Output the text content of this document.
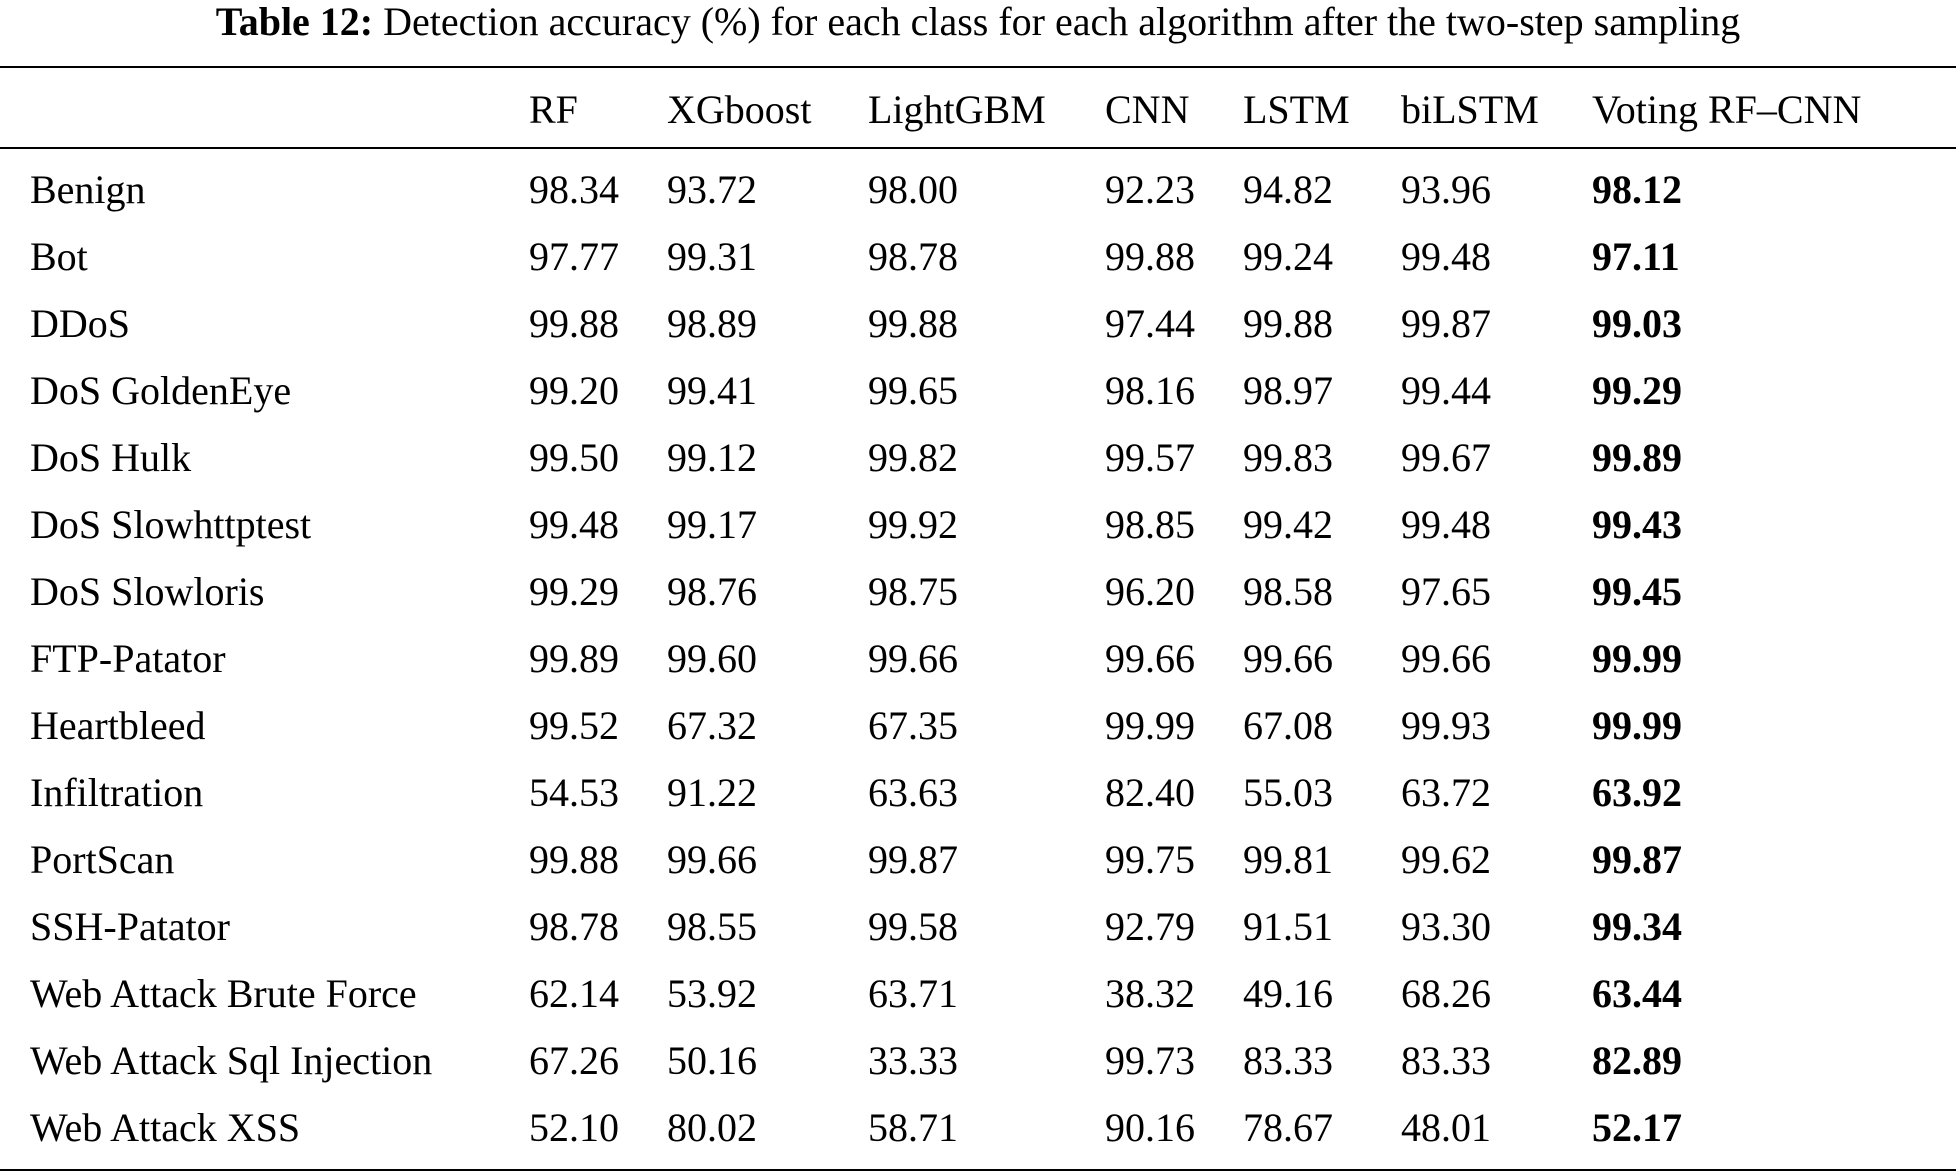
Table 12: Detection accuracy (%) for each class for each algorithm after the two-step sampling
RF XGboost LightGBM CNN LSTM biLSTM Voting RF–CNN
Benign	98.34 93.72	98.00	92.23 94.82 93.96	98.12
Bot	97.77 99.31	98.78	99.88 99.24 99.48	97.11
DDoS	99.88 98.89	99.88	97.44 99.88 99.87	99.03
DoS GoldenEye	99.20 99.41	99.65	98.16 98.97 99.44	99.29
DoS Hulk	99.50 99.12	99.82	99.57 99.83 99.67	99.89
DoS Slowhttptest	99.48 99.17	99.92	98.85 99.42 99.48	99.43
DoS Slowloris	99.29 98.76	98.75	96.20 98.58 97.65	99.45
FTP-Patator	99.89 99.60	99.66	99.66 99.66 99.66	99.99
Heartbleed	99.52 67.32	67.35	99.99 67.08 99.93	99.99
Infiltration	54.53 91.22	63.63	82.40 55.03 63.72	63.92
PortScan	99.88 99.66	99.87	99.75 99.81 99.62	99.87
SSH-Patator	98.78 98.55	99.58	92.79 91.51 93.30	99.34
Web Attack Brute Force	62.14 53.92	63.71	38.32 49.16 68.26	63.44
Web Attack Sql Injection 67.26 50.16	33.33	99.73 83.33 83.33	82.89
Web Attack XSS	52.10 80.02	58.71	90.16 78.67 48.01	52.17
